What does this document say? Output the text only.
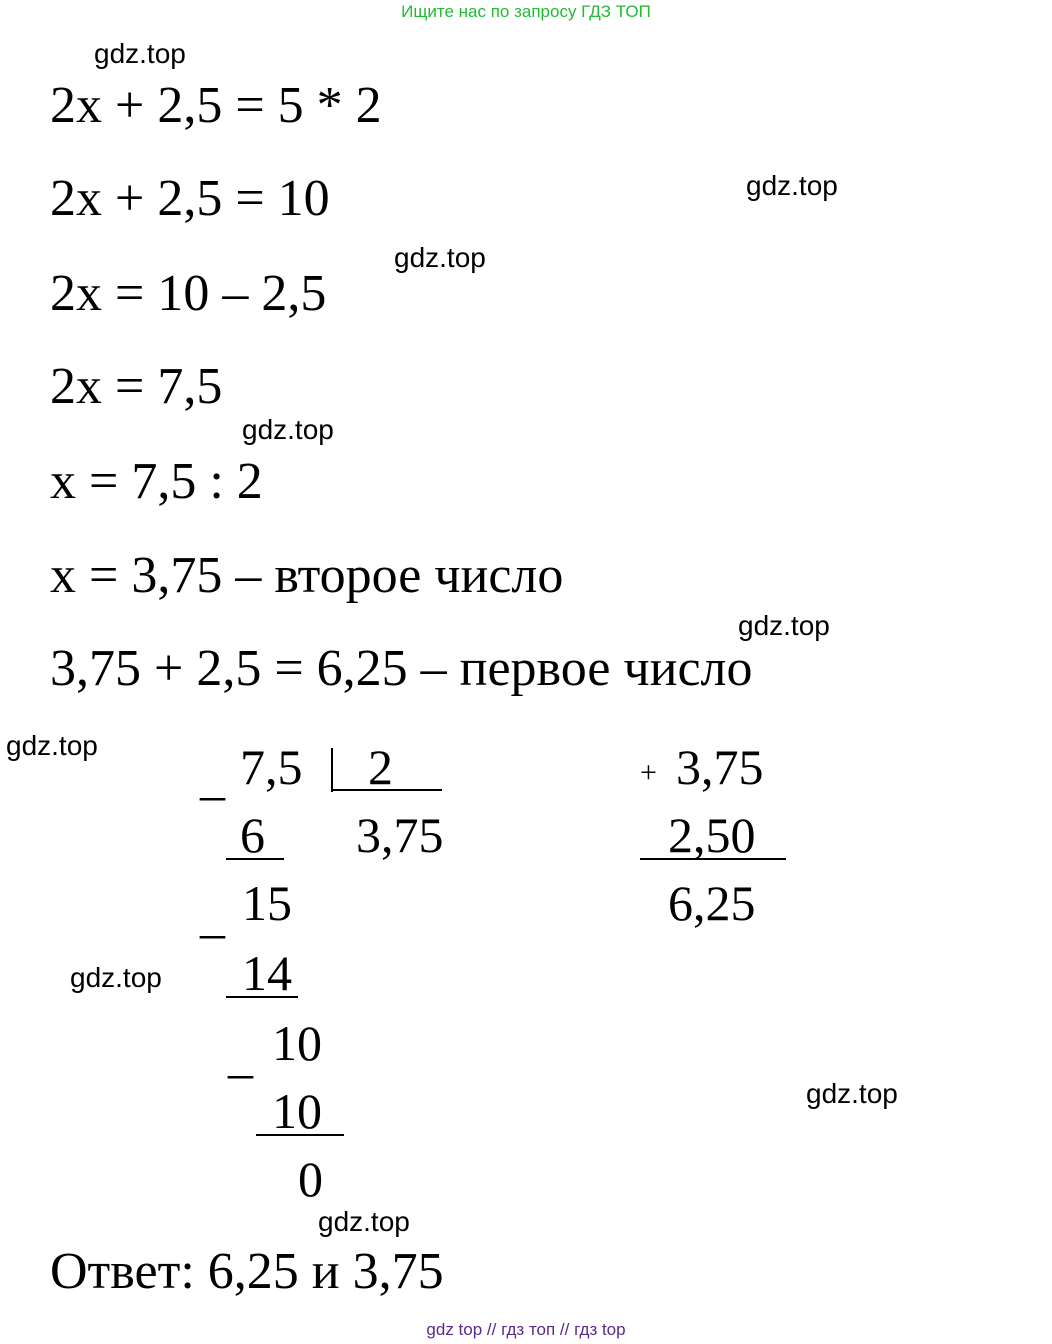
Ищите нас по запросу ГДЗ ТОП
gdz.top
gdz.top
gdz.top
gdz.top
gdz.top
gdz.top
gdz.top
gdz.top
gdz.top
2x + 2,5 = 5 * 2
2x + 2,5 = 10
2x = 10 – 2,5
2x = 7,5
x = 7,5 : 2
x = 3,75 – второе число
3,75 + 2,5 = 6,25 – первое число
_ 7,5 2
3,75
6
_ 15
14
_ 10
10
0
+ 3,75
2,50
6,25
Ответ: 6,25 и 3,75
gdz top // гдз топ // гдз top
